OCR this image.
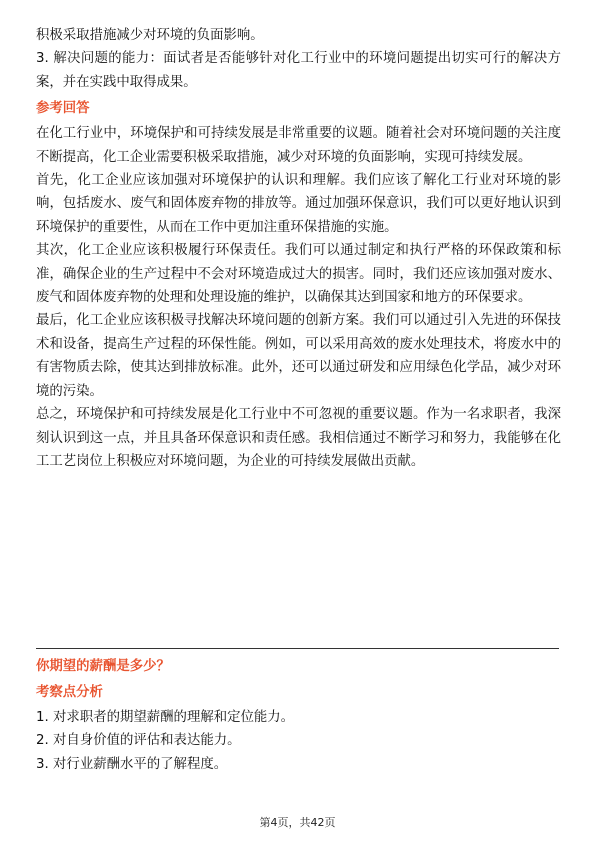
积极采取措施减少对环境的负面影响。

3. 解决问题的能力：面试者是否能够针对化工行业中的环境问题提出切实可行的解决方案，并在实践中取得成果。

参考回答

在化工行业中，环境保护和可持续发展是非常重要的议题。随着社会对环境问题的关注度不断提高，化工企业需要积极采取措施，减少对环境的负面影响，实现可持续发展。

首先，化工企业应该加强对环境保护的认识和理解。我们应该了解化工行业对环境的影响，包括废水、废气和固体废弃物的排放等。通过加强环保意识，我们可以更好地认识到环境保护的重要性，从而在工作中更加注重环保措施的实施。

其次，化工企业应该积极履行环保责任。我们可以通过制定和执行严格的环保政策和标准，确保企业的生产过程中不会对环境造成过大的损害。同时，我们还应该加强对废水、废气和固体废弃物的处理和处理设施的维护，以确保其达到国家和地方的环保要求。

最后，化工企业应该积极寻找解决环境问题的创新方案。我们可以通过引入先进的环保技术和设备，提高生产过程的环保性能。例如，可以采用高效的废水处理技术，将废水中的有害物质去除，使其达到排放标准。此外，还可以通过研发和应用绿色化学品，减少对环境的污染。

总之，环境保护和可持续发展是化工行业中不可忽视的重要议题。作为一名求职者，我深刻认识到这一点，并且具备环保意识和责任感。我相信通过不断学习和努力，我能够在化工工艺岗位上积极应对环境问题，为企业的可持续发展做出贡献。

你期望的薪酬是多少？
考察点分析

1. 对求职者的期望薪酬的理解和定位能力。

2. 对自身价值的评估和表达能力。

3. 对行业薪酬水平的了解程度。

第4页，共42页
